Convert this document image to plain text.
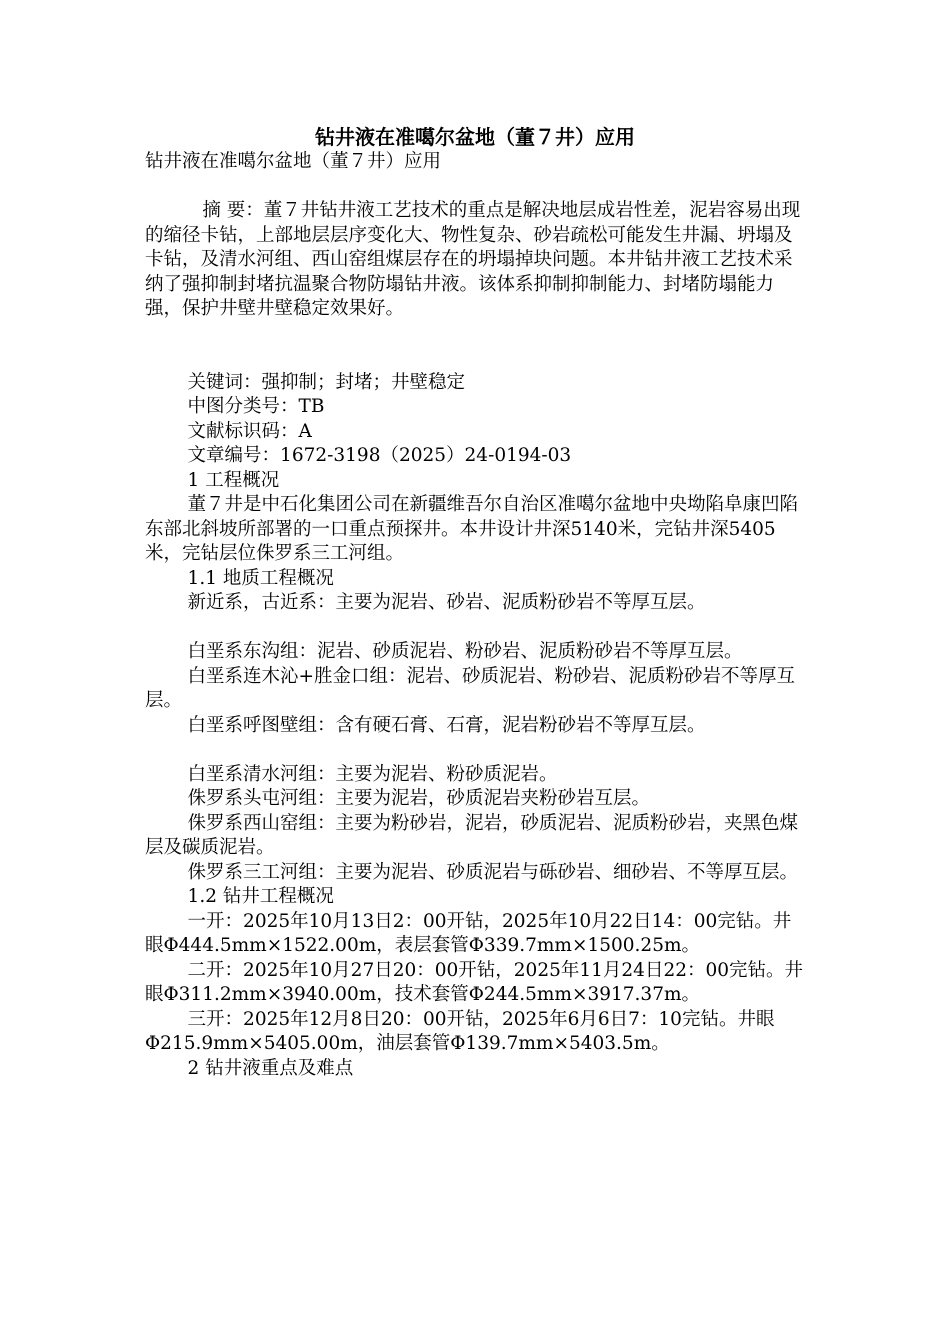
钻井液在准噶尔盆地（董７井）应用

钻井液在准噶尔盆地（董７井）应用

摘 要：董７井钻井液工艺技术的重点是解决地层成岩性差，泥岩容易出现的缩径卡钻，上部地层层序变化大、物性复杂、砂岩疏松可能发生井漏、坍塌及卡钻，及清水河组、西山窑组煤层存在的坍塌掉块问题。本井钻井液工艺技术采纳了强抑制封堵抗温聚合物防塌钻井液。该体系抑制抑制能力、封堵防塌能力强，保护井壁井壁稳定效果好。

关键词：强抑制；封堵；井壁稳定

中图分类号：TB

文献标识码：A

文章编号：1672-3198（2025）24-0194-03

1 工程概况

董７井是中石化集团公司在新疆维吾尔自治区准噶尔盆地中央坳陷阜康凹陷东部北斜坡所部署的一口重点预探井。本井设计井深5140米，完钻井深5405米，完钻层位侏罗系三工河组。

1.1 地质工程概况

新近系，古近系：主要为泥岩、砂岩、泥质粉砂岩不等厚互层。

白垩系东沟组：泥岩、砂质泥岩、粉砂岩、泥质粉砂岩不等厚互层。

白垩系连木沁+胜金口组：泥岩、砂质泥岩、粉砂岩、泥质粉砂岩不等厚互层。

白垩系呼图壁组：含有硬石膏、石膏，泥岩粉砂岩不等厚互层。

白垩系清水河组：主要为泥岩、粉砂质泥岩。

侏罗系头屯河组：主要为泥岩，砂质泥岩夹粉砂岩互层。

侏罗系西山窑组：主要为粉砂岩，泥岩，砂质泥岩、泥质粉砂岩，夹黑色煤层及碳质泥岩。

侏罗系三工河组：主要为泥岩、砂质泥岩与砾砂岩、细砂岩、不等厚互层。

1.2 钻井工程概况

一开：2025年10月13日2：00开钻，2025年10月22日14：00完钻。井眼Φ444.5mm×1522.00m，表层套管Φ339.7mm×1500.25m。

二开：2025年10月27日20：00开钻，2025年11月24日22：00完钻。井眼Φ311.2mm×3940.00m，技术套管Φ244.5mm×3917.37m。

三开：2025年12月8日20：00开钻，2025年6月6日7：10完钻。井眼Φ215.9mm×5405.00m，油层套管Φ139.7mm×5403.5m。

2 钻井液重点及难点
